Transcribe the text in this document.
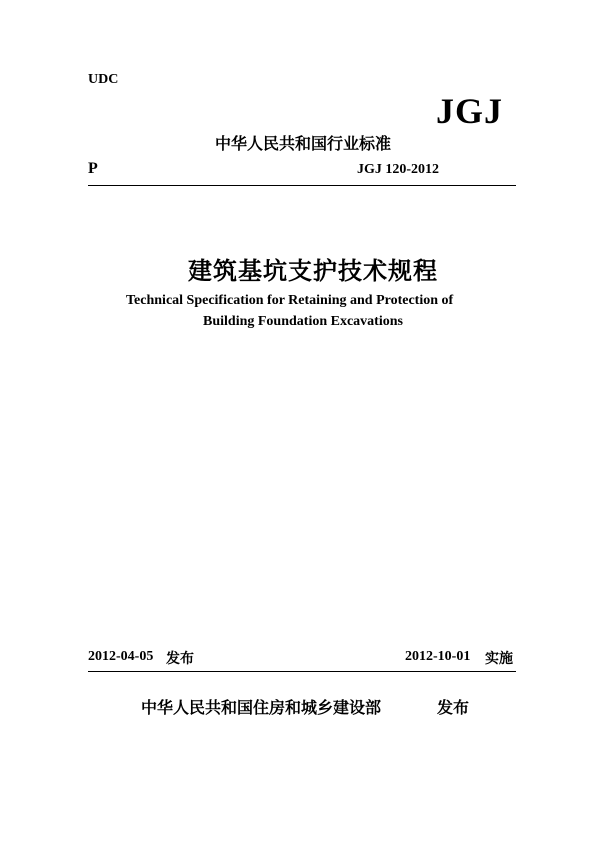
UDC
JGJ
中华人民共和国行业标准
P	JGJ 120-2012
建筑基坑支护技术规程
Technical Specification for Retaining and Protection of
Building Foundation Excavations
2012-04-05 发布	2012-10-01 实施
中华人民共和国住房和城乡建设部	发布
